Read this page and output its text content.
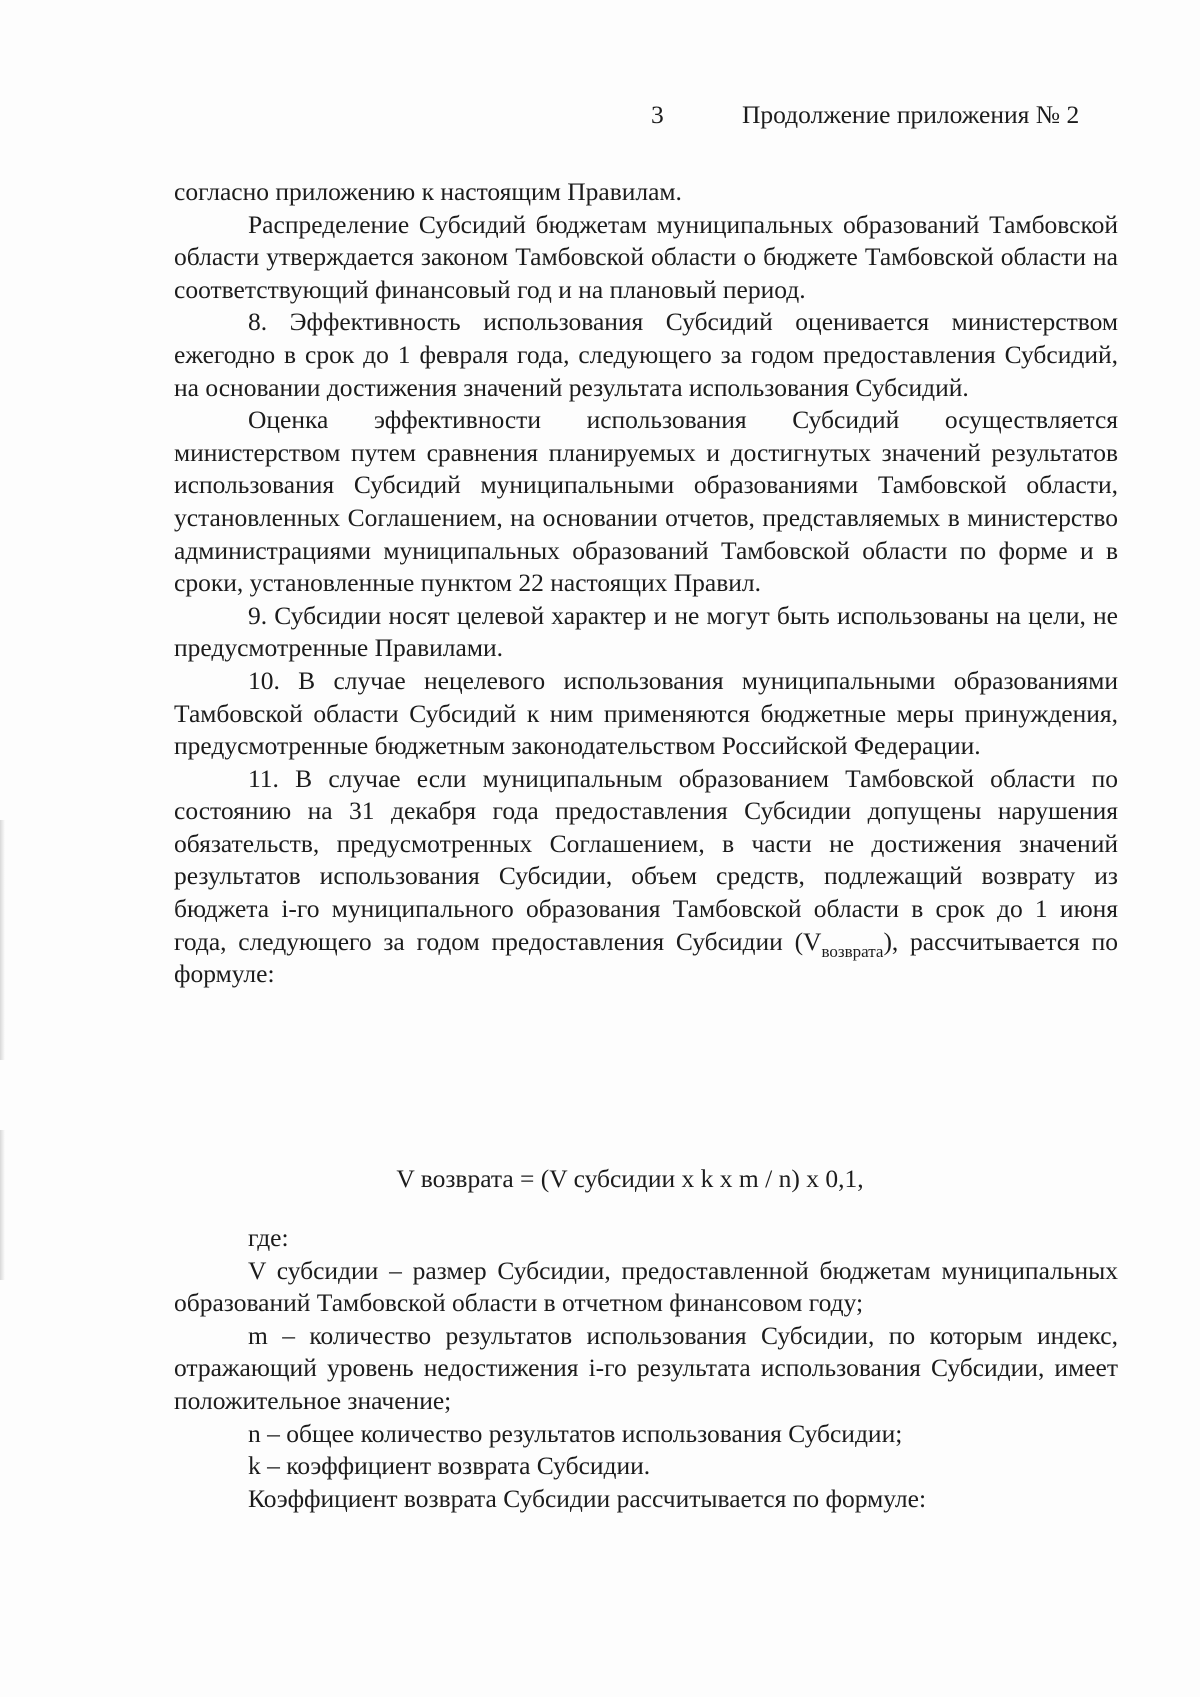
3	Продолжение приложения № 2

согласно приложению к настоящим Правилам.

Распределение Субсидий бюджетам муниципальных образований Тамбовской области утверждается законом Тамбовской области о бюджете Тамбовской области на соответствующий финансовый год и на плановый период.

8. Эффективность использования Субсидий оценивается министерством ежегодно в срок до 1 февраля года, следующего за годом предоставления Субсидий, на основании достижения значений результата использования Субсидий.

Оценка эффективности использования Субсидий осуществляется министерством путем сравнения планируемых и достигнутых значений результатов использования Субсидий муниципальными образованиями Тамбовской области, установленных Соглашением, на основании отчетов, представляемых в министерство администрациями муниципальных образований Тамбовской области по форме и в сроки, установленные пунктом 22 настоящих Правил.

9. Субсидии носят целевой характер и не могут быть использованы на цели, не предусмотренные Правилами.

10. В случае нецелевого использования муниципальными образованиями Тамбовской области Субсидий к ним применяются бюджетные меры принуждения, предусмотренные бюджетным законодательством Российской Федерации.

11. В случае если муниципальным образованием Тамбовской области по состоянию на 31 декабря года предоставления Субсидии допущены нарушения обязательств, предусмотренных Соглашением, в части не достижения значений результатов использования Субсидии, объем средств, подлежащий возврату из бюджета i-го муниципального образования Тамбовской области в срок до 1 июня года, следующего за годом предоставления Субсидии $(V_{возврата})$, рассчитывается по формуле:

V возврата = (V субсидии x k x m / n) x 0,1,

где:

V субсидии – размер Субсидии, предоставленной бюджетам муниципальных образований Тамбовской области в отчетном финансовом году;

m – количество результатов использования Субсидии, по которым индекс, отражающий уровень недостижения i-го результата использования Субсидии, имеет положительное значение;

n – общее количество результатов использования Субсидии;

k – коэффициент возврата Субсидии.

Коэффициент возврата Субсидии рассчитывается по формуле:
